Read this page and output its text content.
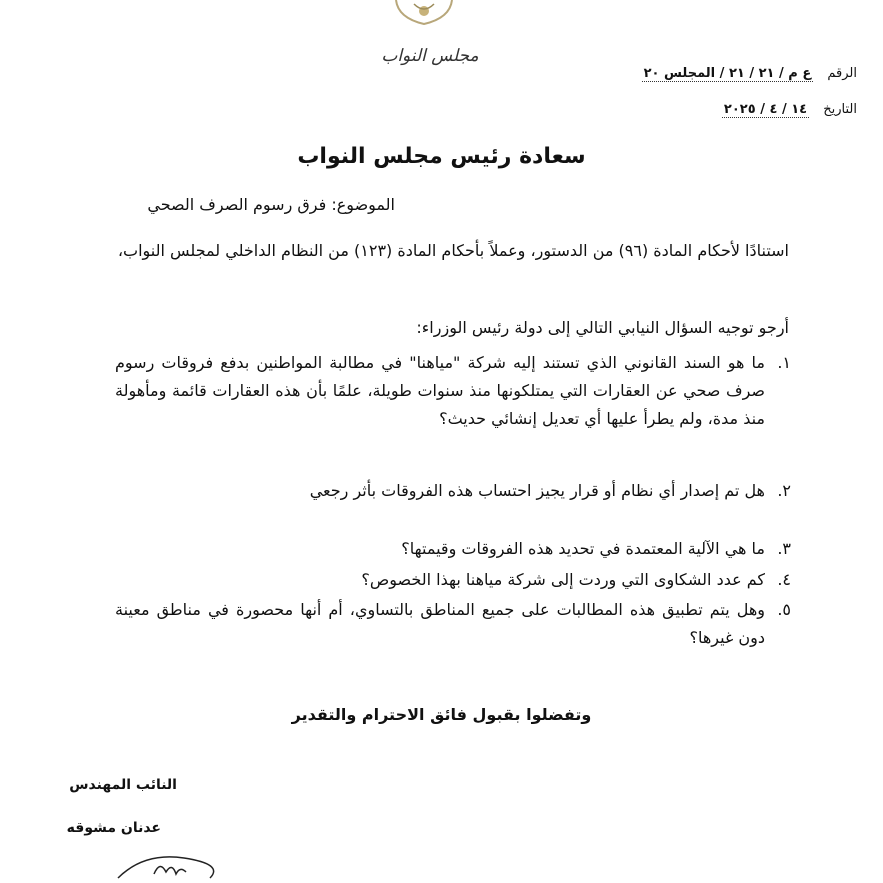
مجلس النواب
الرقم ع م / ٢١ / ٢١ / المجلس ٢٠
التاريخ ١٤ / ٤ / ٢٠٢٥
سعادة رئيس مجلس النواب
الموضوع: فرق رسوم الصرف الصحي
استنادًا لأحكام المادة (٩٦) من الدستور، وعملاً بأحكام المادة (١٢٣) من النظام الداخلي لمجلس النواب،
أرجو توجيه السؤال النيابي التالي إلى دولة رئيس الوزراء:
١.
ما هو السند القانوني الذي تستند إليه شركة "مياهنا" في مطالبة المواطنين بدفع فروقات رسوم صرف صحي عن العقارات التي يمتلكونها منذ سنوات طويلة، علمًا بأن هذه العقارات قائمة ومأهولة منذ مدة، ولم يطرأ عليها أي تعديل إنشائي حديث؟
٢.
هل تم إصدار أي نظام أو قرار يجيز احتساب هذه الفروقات بأثر رجعي
٣.
ما هي الآلية المعتمدة في تحديد هذه الفروقات وقيمتها؟
٤.
كم عدد الشكاوى التي وردت إلى شركة مياهنا بهذا الخصوص؟
٥.
وهل يتم تطبيق هذه المطالبات على جميع المناطق بالتساوي، أم أنها محصورة في مناطق معينة دون غيرها؟
وتفضلوا بقبول فائق الاحترام والتقدير
النائب المهندس
عدنان مشوقه
